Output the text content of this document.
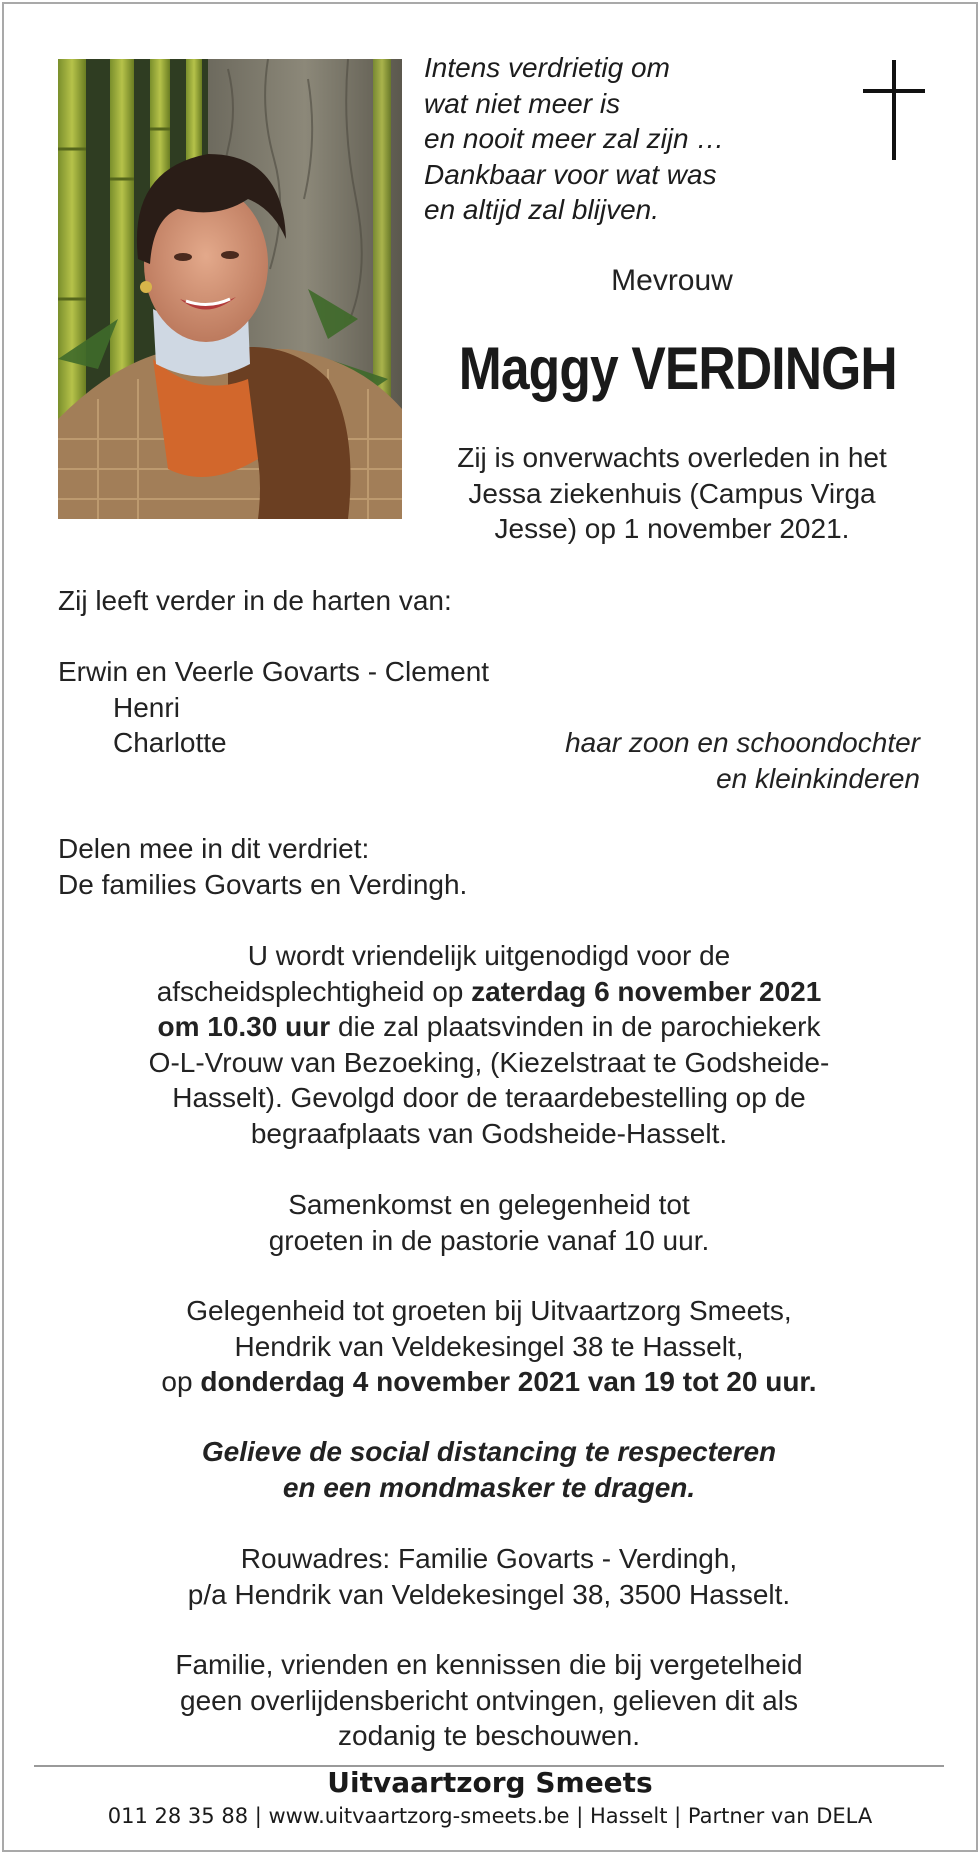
Intens verdrietig om
wat niet meer is
en nooit meer zal zijn …
Dankbaar voor wat was
en altijd zal blijven.
Mevrouw
Maggy VERDINGH
Zij is onverwachts overleden in het
Jessa ziekenhuis (Campus Virga
Jesse) op 1 november 2021.
Zij leeft verder in de harten van:
Erwin en Veerle Govarts - Clement
Henri
Charlotte	haar zoon en schoondochter
en kleinkinderen
Delen mee in dit verdriet:
De families Govarts en Verdingh.
U wordt vriendelijk uitgenodigd voor de
afscheidsplechtigheid op zaterdag 6 november 2021
om 10.30 uur die zal plaatsvinden in de parochiekerk
O-L-Vrouw van Bezoeking, (Kiezelstraat te Godsheide-
Hasselt). Gevolgd door de teraardebestelling op de
begraafplaats van Godsheide-Hasselt.
Samenkomst en gelegenheid tot
groeten in de pastorie vanaf 10 uur.
Gelegenheid tot groeten bij Uitvaartzorg Smeets,
Hendrik van Veldekesingel 38 te Hasselt,
op donderdag 4 november 2021 van 19 tot 20 uur.
Gelieve de social distancing te respecteren
en een mondmasker te dragen.
Rouwadres: Familie Govarts - Verdingh,
p/a Hendrik van Veldekesingel 38, 3500 Hasselt.
Familie, vrienden en kennissen die bij vergetelheid
geen overlijdensbericht ontvingen, gelieven dit als
zodanig te beschouwen.
Uitvaartzorg Smeets
011 28 35 88 | www.uitvaartzorg-smeets.be | Hasselt | Partner van DELA
